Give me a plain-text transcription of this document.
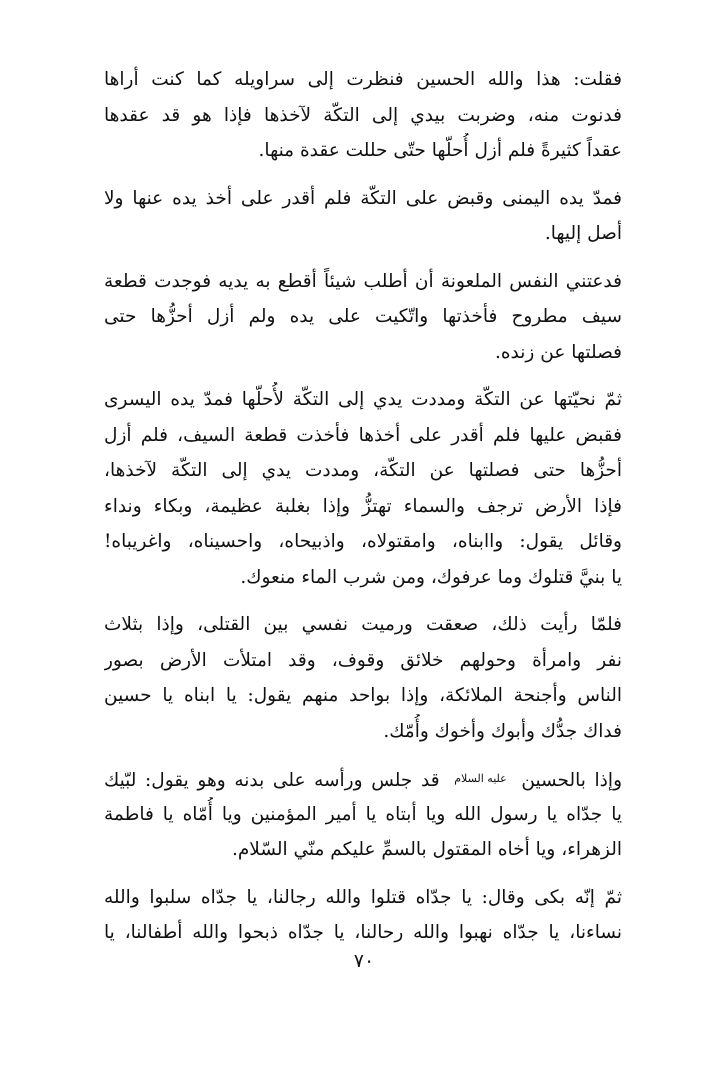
فقلت: هذا والله الحسين فنظرت إلى سراويله كما كنت أراها
فدنوت منه، وضربت بيدي إلى التكّة لآخذها فإذا هو قد عقدها
عقداً كثيرةً فلم أزل أُحلّها حتّى حللت عقدة منها.
فمدّ يده اليمنى وقبض على التكّة فلم أقدر على أخذ يده عنها ولا
أصل إليها.
فدعتني النفس الملعونة أن أطلب شيئاً أقطع به يديه فوجدت قطعة
سيف مطروح فأخذتها واتّكيت على يده ولم أزل أحزُّها حتى
فصلتها عن زنده.
ثمّ نحيّتها عن التكّة ومددت يدي إلى التكّة لأُحلّها فمدّ يده اليسرى
فقبض عليها فلم أقدر على أخذها فأخذت قطعة السيف، فلم أزل
أحزُّها حتى فصلتها عن التكّة، ومددت يدي إلى التكّة لآخذها،
فإذا الأرض ترجف والسماء تهتزُّ وإذا بغلبة عظيمة، وبكاء ونداء
وقائل يقول: واابناه، وامقتولاه، واذبيحاه، واحسيناه، واغريباه!
يا بنيَّ قتلوك وما عرفوك، ومن شرب الماء منعوك.
فلمّا رأيت ذلك، صعقت ورميت نفسي بين القتلى، وإذا بثلاث
نفر وامرأة وحولهم خلائق وقوف، وقد امتلأت الأرض بصور
الناس وأجنحة الملائكة، وإذا بواحد منهم يقول: يا ابناه يا حسين
فداك جدُّك وأبوك وأخوك وأُمّك.
وإذا بالحسين عليه السلام قد جلس ورأسه على بدنه وهو يقول: لبّيك
يا جدّاه يا رسول الله ويا أبتاه يا أمير المؤمنين ويا أُمّاه يا فاطمة
الزهراء، ويا أخاه المقتول بالسمِّ عليكم منّي السّلام.
ثمّ إنّه بكى وقال: يا جدّاه قتلوا والله رجالنا، يا جدّاه سلبوا والله
نساءنا، يا جدّاه نهبوا والله رحالنا، يا جدّاه ذبحوا والله أطفالنا، يا
٧٠
